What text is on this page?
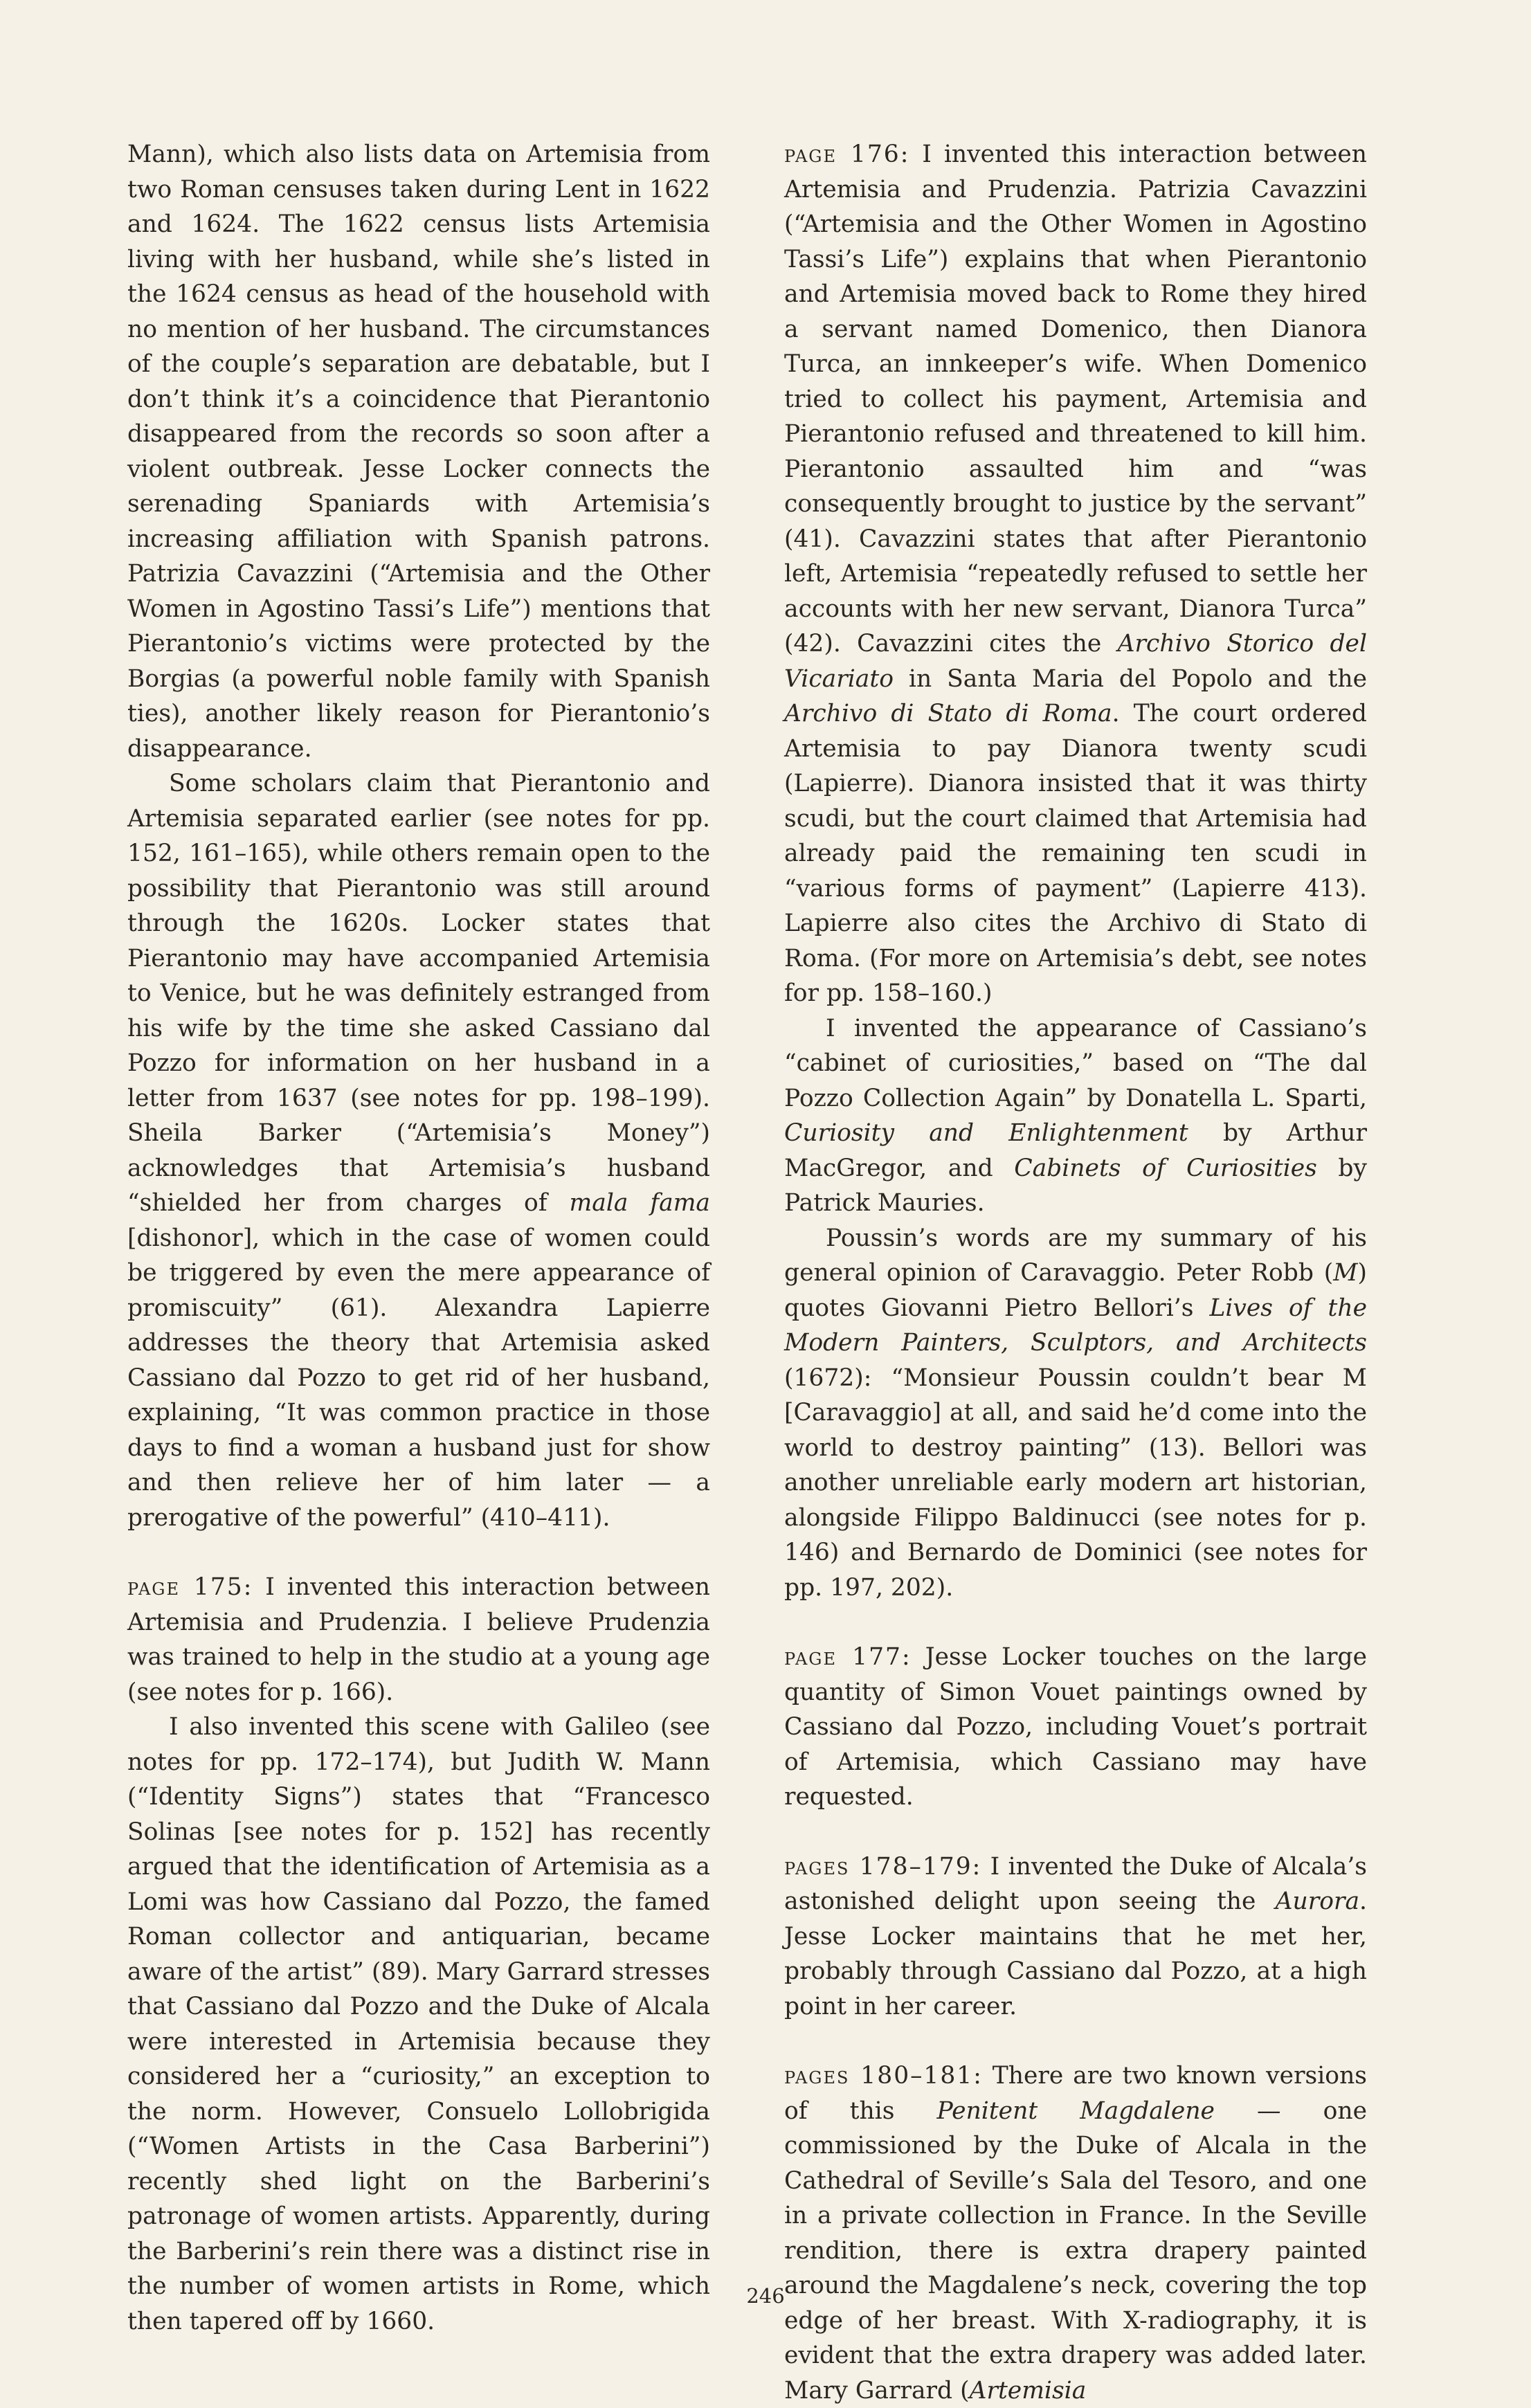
Mann), which also lists data on Artemisia from two Roman censuses taken during Lent in 1622 and 1624. The 1622 census lists Artemisia living with her husband, while she’s listed in the 1624 census as head of the household with no mention of her husband. The circumstances of the couple’s separation are debatable, but I don’t think it’s a coincidence that Pierantonio disappeared from the records so soon after a violent outbreak. Jesse Locker connects the serenading Spaniards with Artemisia’s increasing affiliation with Spanish patrons. Patrizia Cavazzini (“Artemisia and the Other Women in Agostino Tassi’s Life”) mentions that Pierantonio’s victims were protected by the Borgias (a powerful noble family with Spanish ties), another likely reason for Pierantonio’s disappearance.

Some scholars claim that Pierantonio and Artemisia separated earlier (see notes for pp. 152, 161–165), while others remain open to the possibility that Pierantonio was still around through the 1620s. Locker states that Pierantonio may have accompanied Artemisia to Venice, but he was definitely estranged from his wife by the time she asked Cassiano dal Pozzo for information on her husband in a letter from 1637 (see notes for pp. 198–199). Sheila Barker (“Artemisia’s Money”) acknowledges that Artemisia’s husband “shielded her from charges of mala fama [dishonor], which in the case of women could be triggered by even the mere appearance of promiscuity” (61). Alexandra Lapierre addresses the theory that Artemisia asked Cassiano dal Pozzo to get rid of her husband, explaining, “It was common practice in those days to find a woman a husband just for show and then relieve her of him later — a prerogative of the powerful” (410–411).

page 175: I invented this interaction between Artemisia and Prudenzia. I believe Prudenzia was trained to help in the studio at a young age (see notes for p. 166).

I also invented this scene with Galileo (see notes for pp. 172–174), but Judith W. Mann (“Identity Signs”) states that “Francesco Solinas [see notes for p. 152] has recently argued that the identification of Artemisia as a Lomi was how Cassiano dal Pozzo, the famed Roman collector and antiquarian, became aware of the artist” (89). Mary Garrard stresses that Cassiano dal Pozzo and the Duke of Alcala were interested in Artemisia because they considered her a “curiosity,” an exception to the norm. However, Consuelo Lollobrigida (“Women Artists in the Casa Barberini”) recently shed light on the Barberini’s patronage of women artists. Apparently, during the Barberini’s rein there was a distinct rise in the number of women artists in Rome, which then tapered off by 1660.

page 176: I invented this interaction between Artemisia and Prudenzia. Patrizia Cavazzini (“Artemisia and the Other Women in Agostino Tassi’s Life”) explains that when Pierantonio and Artemisia moved back to Rome they hired a servant named Domenico, then Dianora Turca, an innkeeper’s wife. When Domenico tried to collect his payment, Artemisia and Pierantonio refused and threatened to kill him. Pierantonio assaulted him and “was consequently brought to justice by the servant” (41). Cavazzini states that after Pierantonio left, Artemisia “repeatedly refused to settle her accounts with her new servant, Dianora Turca” (42). Cavazzini cites the Archivo Storico del Vicariato in Santa Maria del Popolo and the Archivo di Stato di Roma. The court ordered Artemisia to pay Dianora twenty scudi (Lapierre). Dianora insisted that it was thirty scudi, but the court claimed that Artemisia had already paid the remaining ten scudi in “various forms of payment” (Lapierre 413). Lapierre also cites the Archivo di Stato di Roma. (For more on Artemisia’s debt, see notes for pp. 158–160.)

I invented the appearance of Cassiano’s “cabinet of curiosities,” based on “The dal Pozzo Collection Again” by Donatella L. Sparti, Curiosity and Enlightenment by Arthur MacGregor, and Cabinets of Curiosities by Patrick Mauries.

Poussin’s words are my summary of his general opinion of Caravaggio. Peter Robb (M) quotes Giovanni Pietro Bellori’s Lives of the Modern Painters, Sculptors, and Architects (1672): “Monsieur Poussin couldn’t bear M [Caravaggio] at all, and said he’d come into the world to destroy painting” (13). Bellori was another unreliable early modern art historian, alongside Filippo Baldinucci (see notes for p. 146) and Bernardo de Dominici (see notes for pp. 197, 202).

page 177: Jesse Locker touches on the large quantity of Simon Vouet paintings owned by Cassiano dal Pozzo, including Vouet’s portrait of Artemisia, which Cassiano may have requested.

pages 178–179: I invented the Duke of Alcala’s astonished delight upon seeing the Aurora. Jesse Locker maintains that he met her, probably through Cassiano dal Pozzo, at a high point in her career.

pages 180–181: There are two known versions of this Penitent Magdalene — one commissioned by the Duke of Alcala in the Cathedral of Seville’s Sala del Tesoro, and one in a private collection in France. In the Seville rendition, there is extra drapery painted around the Magdalene’s neck, covering the top edge of her breast. With X-radiography, it is evident that the extra drapery was added later. Mary Garrard (Artemisia

246
